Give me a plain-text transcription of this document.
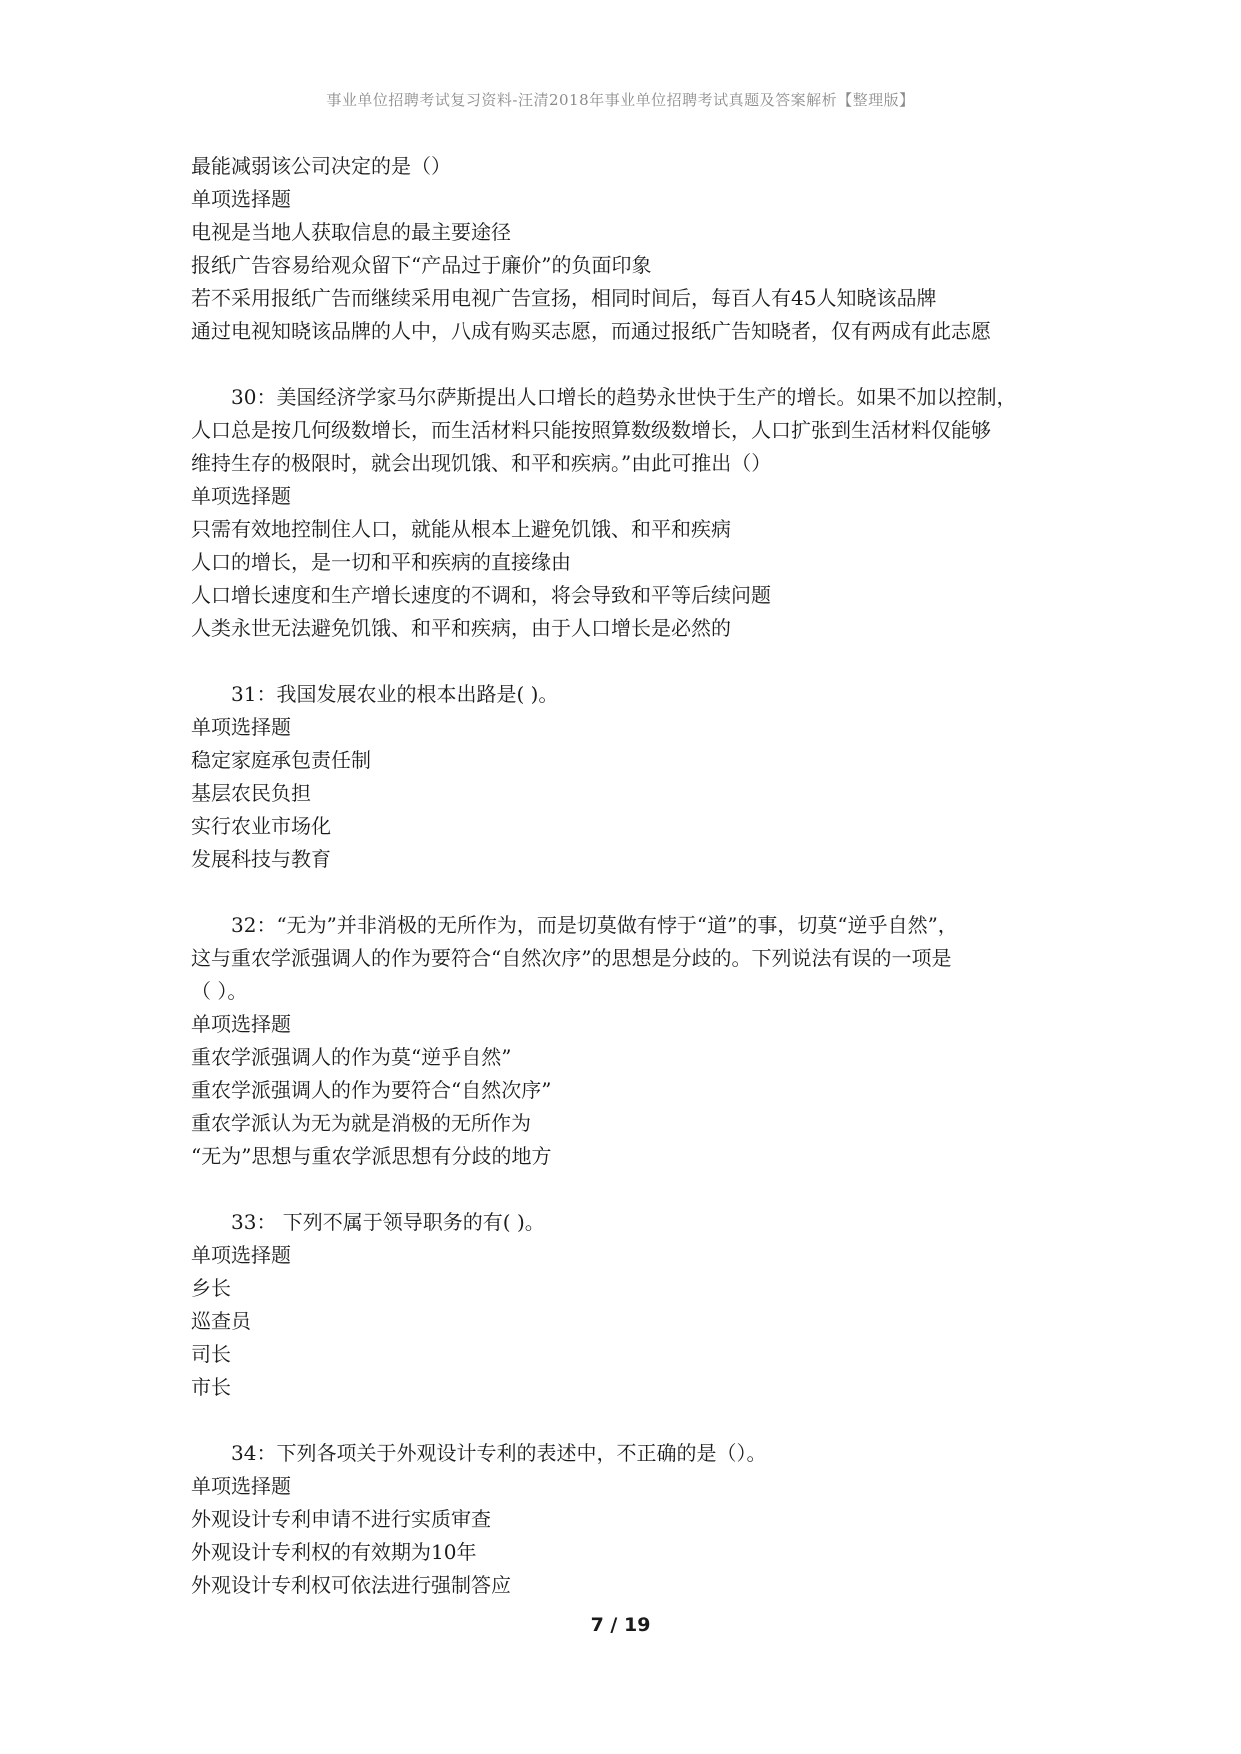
事业单位招聘考试复习资料-汪清2018年事业单位招聘考试真题及答案解析【整理版】
最能减弱该公司决定的是（）
单项选择题
电视是当地人获取信息的最主要途径
报纸广告容易给观众留下“产品过于廉价”的负面印象
若不采用报纸广告而继续采用电视广告宣扬，相同时间后，每百人有45人知晓该品牌
通过电视知晓该品牌的人中，八成有购买志愿，而通过报纸广告知晓者，仅有两成有此志愿
30：美国经济学家马尔萨斯提出人口增长的趋势永世快于生产的增长。如果不加以控制，
人口总是按几何级数增长，而生活材料只能按照算数级数增长，人口扩张到生活材料仅能够
维持生存的极限时，就会出现饥饿、和平和疾病。”由此可推出（）
单项选择题
只需有效地控制住人口，就能从根本上避免饥饿、和平和疾病
人口的增长，是一切和平和疾病的直接缘由
人口增长速度和生产增长速度的不调和，将会导致和平等后续问题
人类永世无法避免饥饿、和平和疾病，由于人口增长是必然的
31：我国发展农业的根本出路是( )。
单项选择题
稳定家庭承包责任制
基层农民负担
实行农业市场化
发展科技与教育
32：“无为”并非消极的无所作为，而是切莫做有悖于“道”的事，切莫“逆乎自然”，
这与重农学派强调人的作为要符合“自然次序”的思想是分歧的。下列说法有误的一项是
（ ）。
单项选择题
重农学派强调人的作为莫“逆乎自然”
重农学派强调人的作为要符合“自然次序”
重农学派认为无为就是消极的无所作为
“无为”思想与重农学派思想有分歧的地方
33： 下列不属于领导职务的有( )。
单项选择题
乡长
巡查员
司长
市长
34：下列各项关于外观设计专利的表述中，不正确的是（）。
单项选择题
外观设计专利申请不进行实质审查
外观设计专利权的有效期为10年
外观设计专利权可依法进行强制答应
7 / 19
